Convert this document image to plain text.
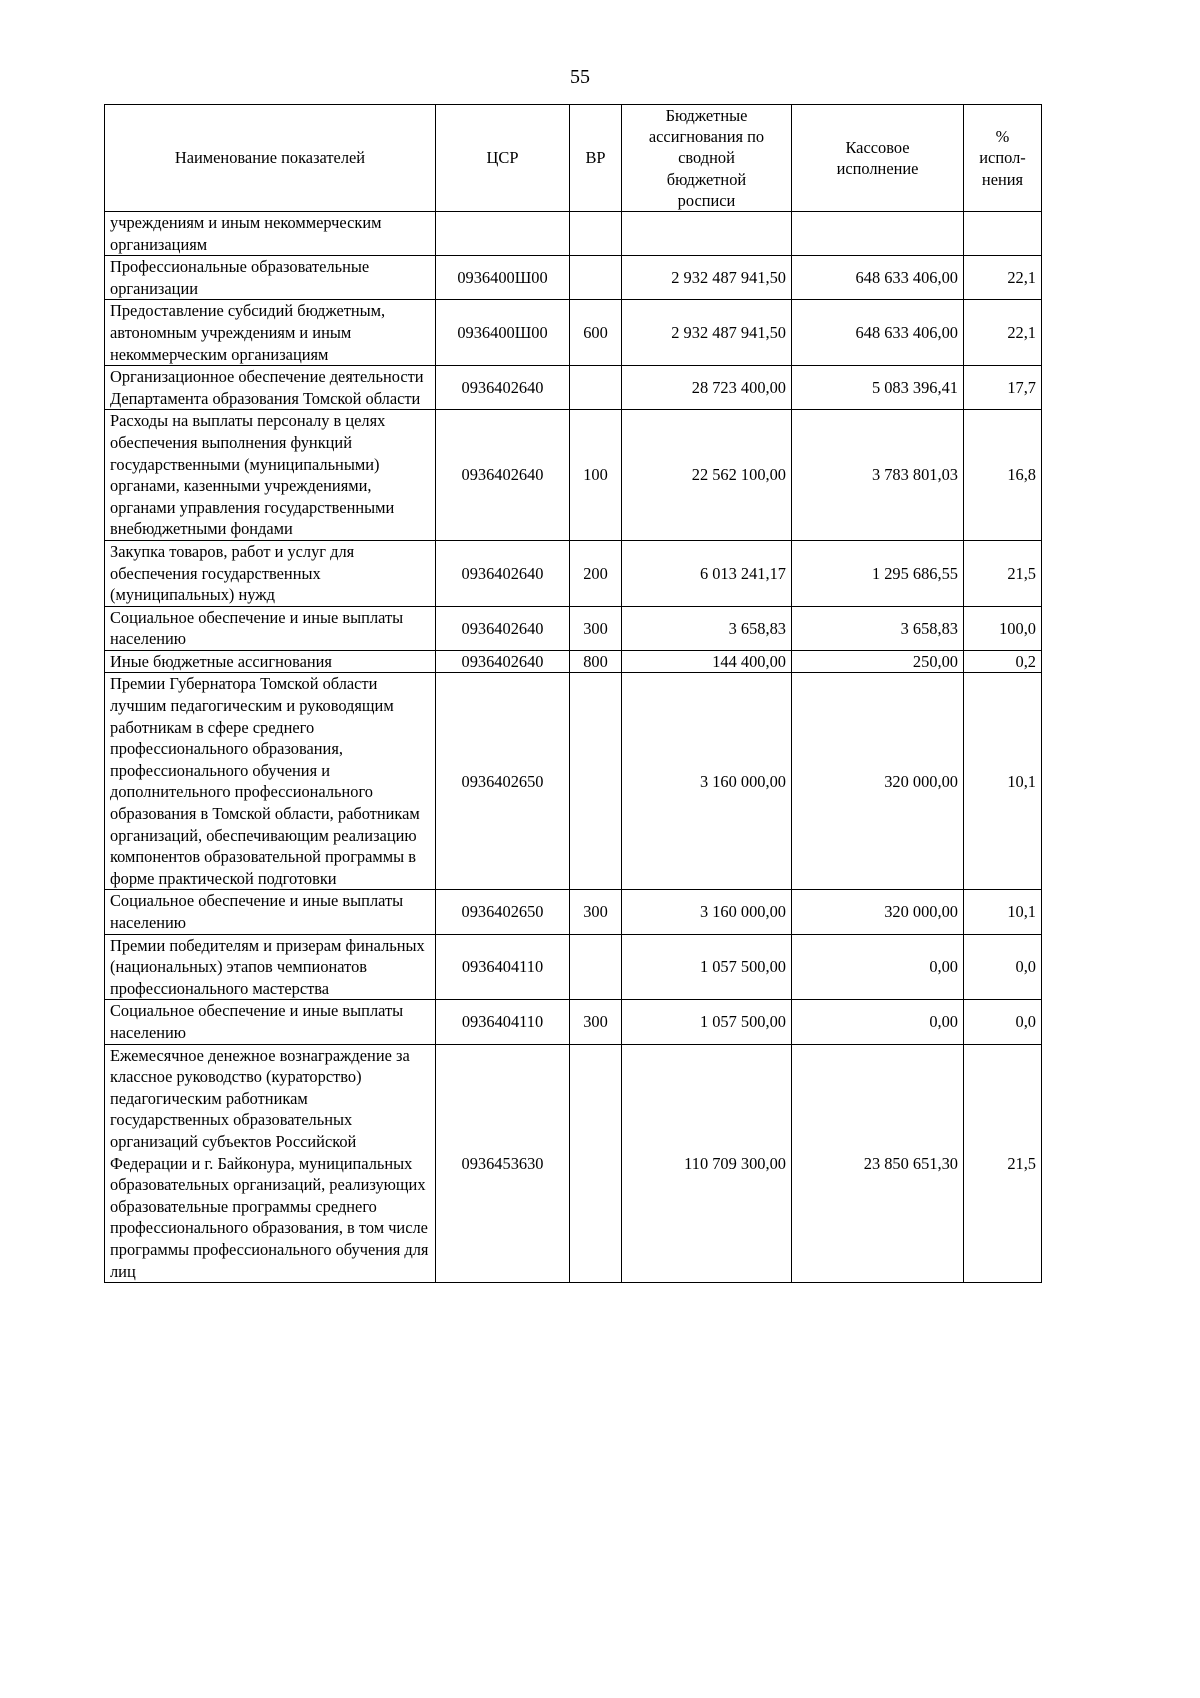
55
Наименование показателей	ЦСР	ВР	Бюджетные ассигнования по сводной бюджетной росписи	Кассовое исполнение	% испол-нения
учреждениям и иным некоммерческим организациям					
Профессиональные образовательные организации	0936400Ш00		2 932 487 941,50	648 633 406,00	22,1
Предоставление субсидий бюджетным, автономным учреждениям и иным некоммерческим организациям	0936400Ш00	600	2 932 487 941,50	648 633 406,00	22,1
Организационное обеспечение деятельности Департамента образования Томской области	0936402640		28 723 400,00	5 083 396,41	17,7
Расходы на выплаты персоналу в целях обеспечения выполнения функций государственными (муниципальными) органами, казенными учреждениями, органами управления государственными внебюджетными фондами	0936402640	100	22 562 100,00	3 783 801,03	16,8
Закупка товаров, работ и услуг для обеспечения государственных (муниципальных) нужд	0936402640	200	6 013 241,17	1 295 686,55	21,5
Социальное обеспечение и иные выплаты населению	0936402640	300	3 658,83	3 658,83	100,0
Иные бюджетные ассигнования	0936402640	800	144 400,00	250,00	0,2
Премии Губернатора Томской области лучшим педагогическим и руководящим работникам в сфере среднего профессионального образования, профессионального обучения и дополнительного профессионального образования в Томской области, работникам организаций, обеспечивающим реализацию компонентов образовательной программы в форме практической подготовки	0936402650		3 160 000,00	320 000,00	10,1
Социальное обеспечение и иные выплаты населению	0936402650	300	3 160 000,00	320 000,00	10,1
Премии победителям и призерам финальных (национальных) этапов чемпионатов профессионального мастерства	0936404110		1 057 500,00	0,00	0,0
Социальное обеспечение и иные выплаты населению	0936404110	300	1 057 500,00	0,00	0,0
Ежемесячное денежное вознаграждение за классное руководство (кураторство) педагогическим работникам государственных образовательных организаций субъектов Российской Федерации и г. Байконура, муниципальных образовательных организаций, реализующих образовательные программы среднего профессионального образования, в том числе программы профессионального обучения для лиц	0936453630		110 709 300,00	23 850 651,30	21,5
